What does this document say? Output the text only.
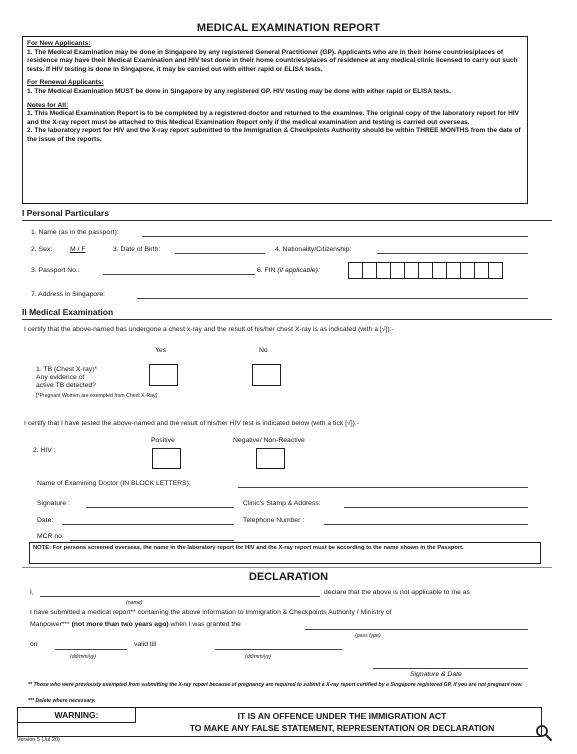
MEDICAL EXAMINATION REPORT

For New Applicants:

1. The Medical Examination may be done in Singapore by any registered General Practitioner (GP). Applicants who are in their home countries/places of residence may have their Medical Examination and HIV test done in their home countries/places of residence at any medical clinic licensed to carry out such tests. If HIV testing is done in Singapore, it may be carried out with either rapid or ELISA tests.

For Renewal Applicants:

1. The Medical Examination MUST be done in Singapore by any registered GP. HIV testing may be done with either rapid or ELISA tests.

Notes for All:

1. This Medical Examination Report is to be completed by a registered doctor and returned to the examinee. The original copy of the laboratory report for HIV and the X-ray report must be attached to this Medical Examination Report only if the medical examination and testing is carried out overseas.

2. The laboratory report for HIV and the X-ray report submitted to the Immigration & Checkpoints Authority should be within THREE MONTHS from the date of the issue of the reports.

I Personal Particulars
1. Name (as in the passport):
2. Sex:	M / F	3. Date of Birth:	4. Nationality/Citizenship:
3. Passport No.:	6. FIN (if applicable):
7. Address in Singapore:
II Medical Examination
I certify that the above-named has undergone a chest x-ray and the result of his/her chest X-ray is as indicated (with a [√]):-
Yes	No
1. TB (Chest X-ray)*
Any evidence of
active TB detected?
[*Pregnant Women are exempted from Chest X-Ray]
I certify that I have tested the above-named and the result of his/her HIV test is indicated below (with a tick [√]):-
Positive	Negative/ Non-Reactive
2. HIV :
Name of Examining Doctor (IN BLOCK LETTERS):
Signature :	Clinic's Stamp & Address:
Date:	Telephone Number :
MCR no:
NOTE: For persons screened overseas, the name in the laboratory report for HIV and the X-ray report must be according to the name shown in the Passport.
DECLARATION
I,	declare that the above is not applicable to me as
(name)
I have submitted a medical report** containing the above information to Immigration & Checkpoints Authority / Ministry of
Manpower*** (not more than two years ago) when I was granted the
(pass type)
on	valid till
(dd/mm/yy)	(dd/mm/yy)
Signature & Date
** Those who were previously exempted from submitting the X-ray report because of pregnancy are required to submit a X-ray report certified by a Singapore registered GP, if you are not pregnant now.
*** Delete where necessary.
WARNING:	IT IS AN OFFENCE UNDER THE IMMIGRATION ACT
TO MAKE ANY FALSE STATEMENT, REPRESENTATION OR DECLARATION
Version 5 (Jul 20)
